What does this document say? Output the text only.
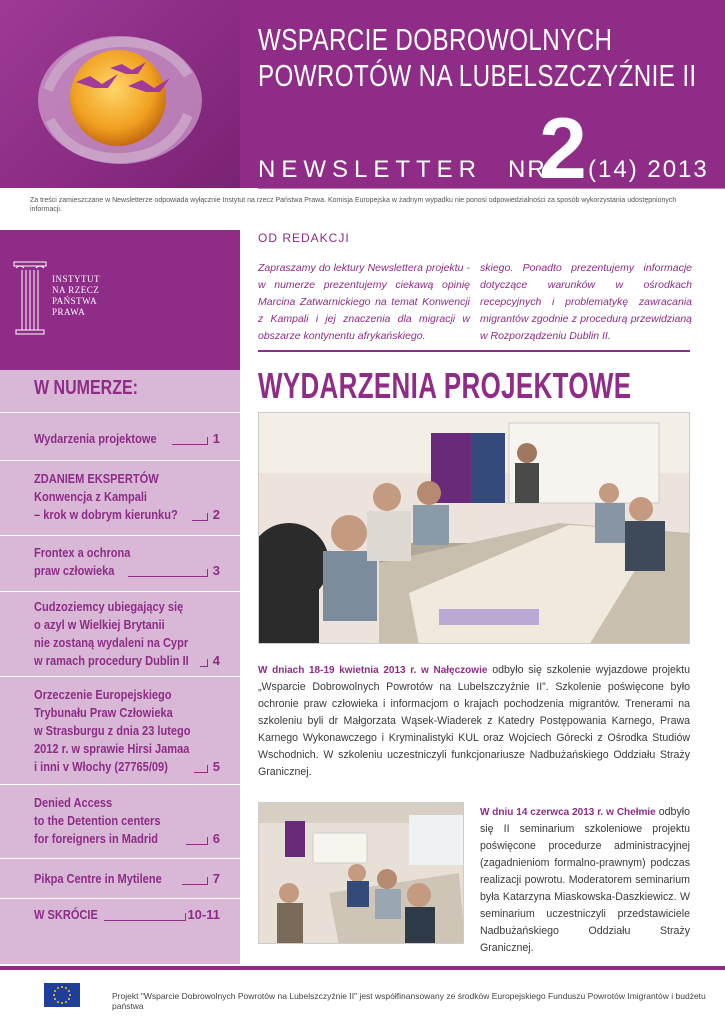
WSPARCIE DOBROWOLNYCH
POWROTÓW NA LUBELSZCZYŹNIE II
NEWSLETTER NR
2 (14) 2013
Za treści zamieszczane w Newsletterze odpowiada wyłącznie Instytut na rzecz Państwa Prawa. Komisja Europejska w żadnym wypadku nie ponosi odpowiedzialności za sposób wykorzystania udostępnionych informacji.
INSTYTUT
NA RZECZ
PAŃSTWA
PRAWA
W NUMERZE:
Wydarzenia projektowe	1
ZDANIEM EKSPERTÓW
Konwencja z Kampali
– krok w dobrym kierunku?	2
Frontex a ochrona
praw człowieka	3
Cudzoziemcy ubiegający się
o azyl w Wielkiej Brytanii
nie zostaną wydaleni na Cypr
w ramach procedury Dublin II	4
Orzeczenie Europejskiego
Trybunału Praw Człowieka
w Strasburgu z dnia 23 lutego
2012 r. w sprawie Hirsi Jamaa
i inni v Włochy (27765/09)	5
Denied Access
to the Detention centers
for foreigners in Madrid	6
Pikpa Centre in Mytilene	7
W SKRÓCIE	10-11
OD REDAKCJI
Zapraszamy do lektury Newslettera projektu - w numerze prezentujemy ciekawą opinię Marcina Zatwarnickiego na temat Konwencji z Kampali i jej znaczenia dla migracji w obszarze kontynentu afrykańskiego.
skiego. Ponadto prezentujemy informacje dotyczące warunków w ośrodkach recepcyjnych i problematykę zawracania migrantów zgodnie z procedurą przewidzianą w Rozporządzeniu Dublin II.
WYDARZENIA PROJEKTOWE
W dniach 18-19 kwietnia 2013 r. w Nałęczowie odbyło się szkolenie wyjazdowe projektu „Wsparcie Dobrowolnych Powrotów na Lubelszczyźnie II”. Szkolenie poświęcone było ochronie praw człowieka i informacjom o krajach pochodzenia migrantów. Trenerami na szkoleniu byli dr Małgorzata Wąsek-Wiaderek z Katedry Postępowania Karnego, Prawa Karnego Wykonawczego i Kryminalistyki KUL oraz Wojciech Górecki z Ośrodka Studiów Wschodnich. W szkoleniu uczestniczyli funkcjonariusze Nadbużańskiego Oddziału Straży Granicznej.
W dniu 14 czerwca 2013 r. w Chełmie odbyło się II seminarium szkoleniowe projektu poświęcone procedurze administracyjnej (zagadnieniom formalno-prawnym) podczas realizacji powrotu. Moderatorem seminarium była Katarzyna Miaskowska-Daszkiewicz. W seminarium uczestniczyli przedstawiciele Nadbużańskiego Oddziału Straży Granicznej.
Projekt "Wsparcie Dobrowolnych Powrotów na Lubelszczyźnie II" jest współfinansowany ze środków Europejskiego Funduszu Powrotów Imigrantów i budżetu państwa
